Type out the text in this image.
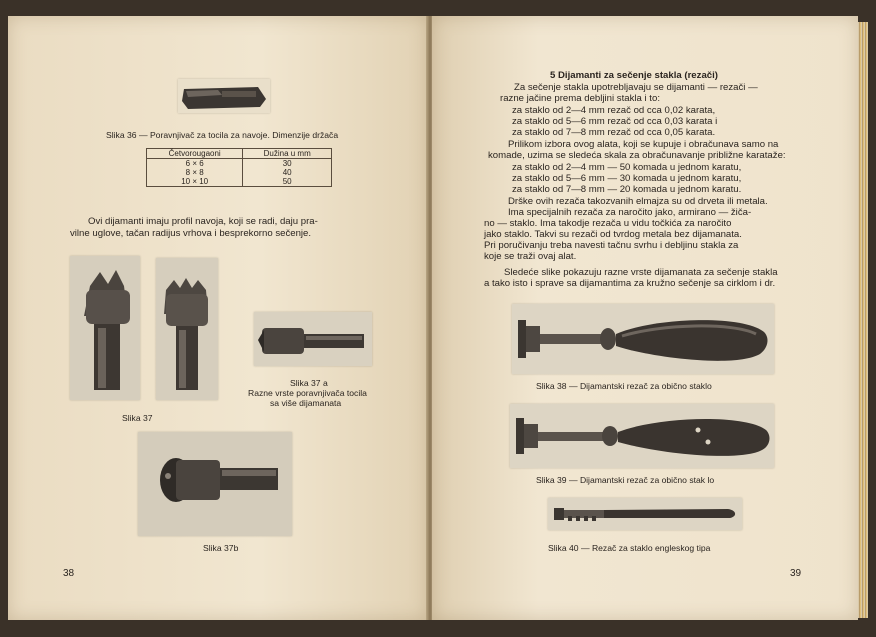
Slika 36 — Poravnjivač za tocila za navoje. Dimenzije držača
Četvorougaoni	Dužina u mm
6 × 6	30
8 × 8	40
10 × 10	50
Ovi dijamanti imaju profil navoja, koji se radi, daju pra-
vilne uglove, tačan radijus vrhova i besprekorno sečenje.
Slika 37
Slika 37 a
Razne vrste poravnjivača tocila
sa više dijamanata
Slika 37b
38
5 Dijamanti za sečenje stakla (rezači)
Za sečenje stakla upotrebljavaju se dijamanti — rezači —
razne jačine prema debljini stakla i to:
za staklo od 2—4 mm rezač od cca 0,02 karata,
za staklo od 5—6 mm rezač od cca 0,03 karata i
za staklo od 7—8 mm rezač od cca 0,05 karata.
Prilikom izbora ovog alata, koji se kupuje i obračunava samo na
komade, uzima se sledeća skala za obračunavanje približne karataže:
za staklo od 2—4 mm — 50 komada u jednom karatu,
za staklo od 5—6 mm — 30 komada u jednom karatu,
za staklo od 7—8 mm — 20 komada u jednom karatu.
Drške ovih rezača takozvanih elmajza su od drveta ili metala.
Ima specijalnih rezača za naročito jako, armirano — žiča-
no — staklo. Ima takodje rezača u vidu točkića za naročito
jako staklo. Takvi su rezači od tvrdog metala bez dijamanata.
Pri poručivanju treba navesti tačnu svrhu i debljinu stakla za
koje se traži ovaj alat.
Sledeće slike pokazuju razne vrste dijamanata za sečenje stakla
a tako isto i sprave sa dijamantima za kružno sečenje sa cirklom i dr.
Slika 38 — Dijamantski rezač za obično staklo
Slika 39 — Dijamantski rezač za obično stak lo
Slika 40 — Rezač za staklo engleskog tipa
39
